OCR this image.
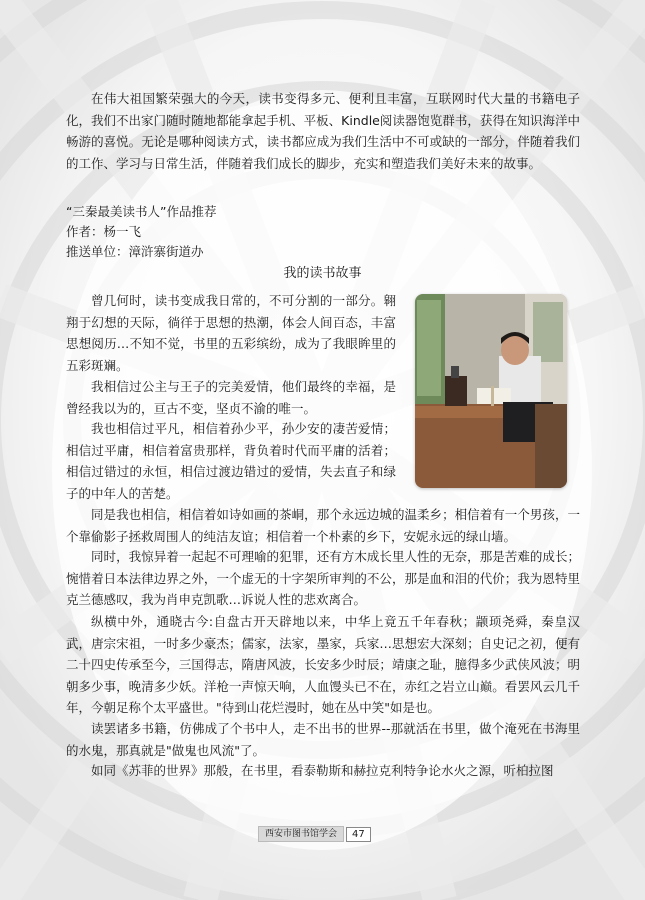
在伟大祖国繁荣强大的今天，读书变得多元、便利且丰富，互联网时代大量的书籍电子化，我们不出家门随时随地都能拿起手机、平板、Kindle阅读器饱览群书，获得在知识海洋中畅游的喜悦。无论是哪种阅读方式，读书都应成为我们生活中不可或缺的一部分，伴随着我们的工作、学习与日常生活，伴随着我们成长的脚步，充实和塑造我们美好未来的故事。

“三秦最美读书人”作品推荐

作者：杨一飞

推送单位：漳浒寨街道办

我的读书故事

曾几何时，读书变成我日常的，不可分割的一部分。翱翔于幻想的天际，徜徉于思想的热潮，体会人间百态，丰富思想阅历…不知不觉，书里的五彩缤纷，成为了我眼眸里的五彩斑斓。

我相信过公主与王子的完美爱情，他们最终的幸福，是曾经我以为的，亘古不变，坚贞不渝的唯一。

我也相信过平凡，相信着孙少平，孙少安的凄苦爱情；相信过平庸，相信着富贵那样，背负着时代而平庸的活着；相信过错过的永恒，相信过渡边错过的爱情，失去直子和绿子的中年人的苦楚。

同是我也相信，相信着如诗如画的茶峒，那个永远边城的温柔乡；相信着有一个男孩，一个靠偷影子拯救周围人的纯洁友谊；相信着一个朴素的乡下，安妮永远的绿山墙。

同时，我惊异着一起起不可理喻的犯罪，还有方木成长里人性的无奈，那是苦难的成长；惋惜着日本法律边界之外，一个虚无的十字架所审判的不公，那是血和泪的代价；我为恩特里克兰德感叹，我为肖申克凯歌…诉说人性的悲欢离合。

纵横中外，通晓古今:自盘古开天辟地以来，中华上竟五千年春秋；颛顼尧舜，秦皇汉武，唐宗宋祖，一时多少豪杰；儒家，法家，墨家，兵家…思想宏大深刻；自史记之初，便有二十四史传承至今，三国得志，隋唐风波，长安多少时辰；靖康之耻，臆得多少武侠风波；明朝多少事，晚清多少妖。洋枪一声惊天响，人血馒头已不在，赤红之岩立山巅。看罢风云几千年，今朝足称个太平盛世。"待到山花烂漫时，她在丛中笑"如是也。

读罢诸多书籍，仿佛成了个书中人，走不出书的世界--那就活在书里，做个淹死在书海里的水鬼，那真就是"做鬼也风流"了。

如同《苏菲的世界》那般，在书里，看泰勒斯和赫拉克利特争论水火之源，听柏拉图

西安市图书馆学会	47
